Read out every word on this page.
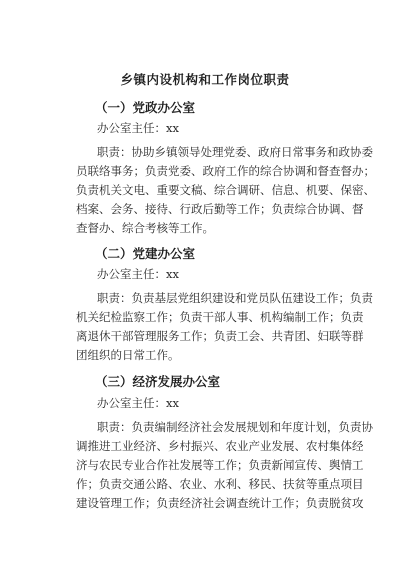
乡镇内设机构和工作岗位职责
（一）党政办公室
办公室主任：xx
职责：协助乡镇领导处理党委、政府日常事务和政协委
员联络事务；负责党委、政府工作的综合协调和督查督办；
负责机关文电、重要文稿、综合调研、信息、机要、保密、
档案、会务、接待、行政后勤等工作；负责综合协调、督
查督办、综合考核等工作。
（二）党建办公室
办公室主任：xx
职责：负责基层党组织建设和党员队伍建设工作；负责
机关纪检监察工作；负责干部人事、机构编制工作；负责
离退休干部管理服务工作；负责工会、共青团、妇联等群
团组织的日常工作。
（三）经济发展办公室
办公室主任：xx
职责：负责编制经济社会发展规划和年度计划，负责协
调推进工业经济、乡村振兴、农业产业发展、农村集体经
济与农民专业合作社发展等工作；负责新闻宣传、舆情工
作；负责交通公路、农业、水利、移民、扶贫等重点项目
建设管理工作；负责经济社会调查统计工作；负责脱贫攻
